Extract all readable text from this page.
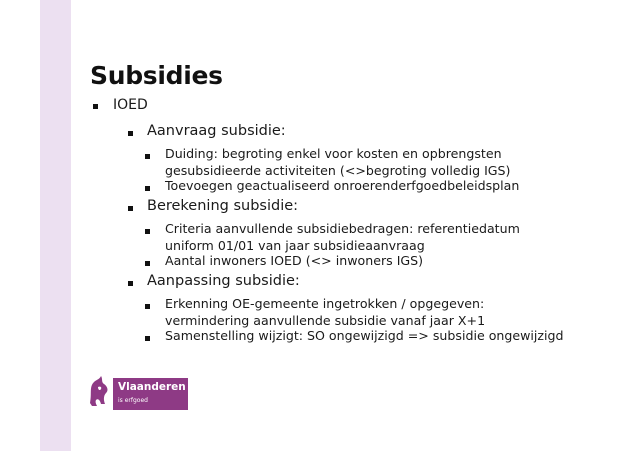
Subsidies
IOED
Aanvraag subsidie:
Duiding: begroting enkel voor kosten en opbrengsten
gesubsidieerde activiteiten (<>begroting volledig IGS)
Toevoegen geactualiseerd onroerenderfgoedbeleidsplan
Berekening subsidie:
Criteria aanvullende subsidiebedragen: referentiedatum
uniform 01/01 van jaar subsidieaanvraag
Aantal inwoners IOED (<> inwoners IGS)
Aanpassing subsidie:
Erkenning OE-gemeente ingetrokken / opgegeven:
vermindering aanvullende subsidie vanaf jaar X+1
Samenstelling wijzigt: SO ongewijzigd => subsidie ongewijzigd
Vlaanderen
is erfgoed
